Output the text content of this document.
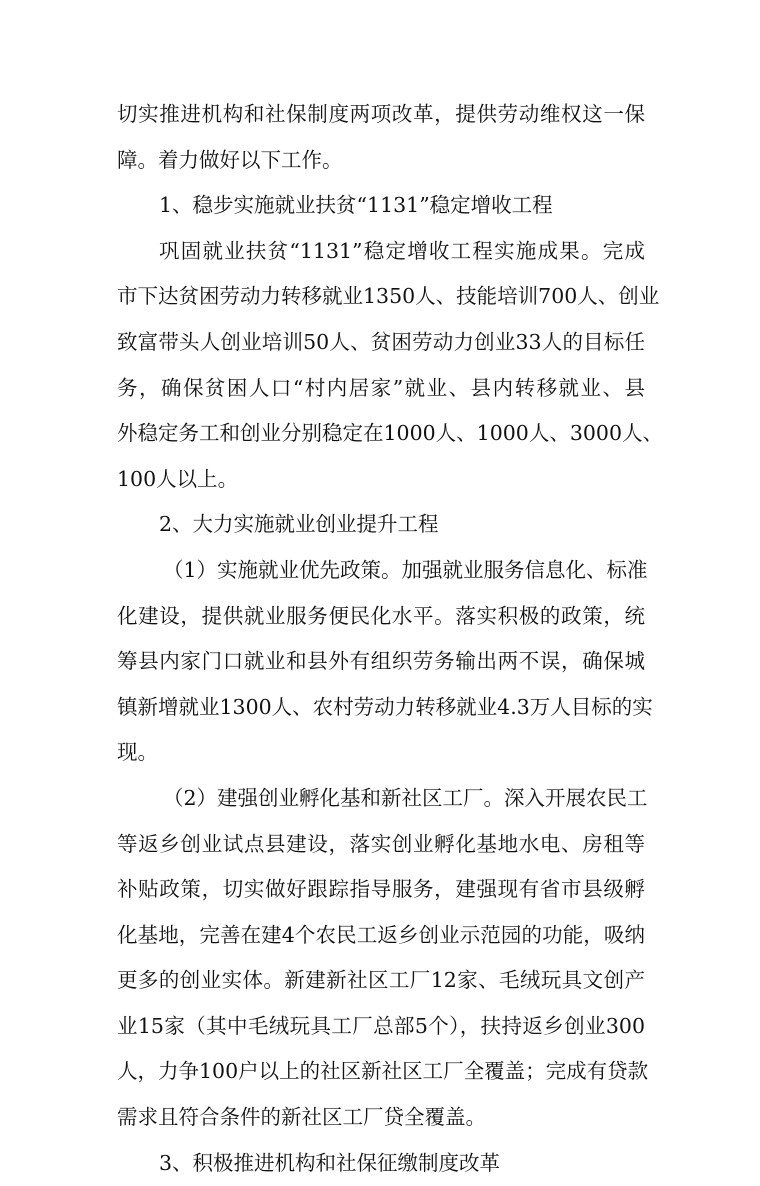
切实推进机构和社保制度两项改革，提供劳动维权这一保
障。着力做好以下工作。
1、稳步实施就业扶贫“1131”稳定增收工程
巩固就业扶贫“1131”稳定增收工程实施成果。完成
市下达贫困劳动力转移就业1350人、技能培训700人、创业
致富带头人创业培训50人、贫困劳动力创业33人的目标任
务，确保贫困人口“村内居家”就业、县内转移就业、县
外稳定务工和创业分别稳定在1000人、1000人、3000人、
100人以上。
2、大力实施就业创业提升工程
（1）实施就业优先政策。加强就业服务信息化、标准
化建设，提供就业服务便民化水平。落实积极的政策，统
筹县内家门口就业和县外有组织劳务输出两不误，确保城
镇新增就业1300人、农村劳动力转移就业4.3万人目标的实
现。
（2）建强创业孵化基和新社区工厂。深入开展农民工
等返乡创业试点县建设，落实创业孵化基地水电、房租等
补贴政策，切实做好跟踪指导服务，建强现有省市县级孵
化基地，完善在建4个农民工返乡创业示范园的功能，吸纳
更多的创业实体。新建新社区工厂12家、毛绒玩具文创产
业15家（其中毛绒玩具工厂总部5个），扶持返乡创业300
人，力争100户以上的社区新社区工厂全覆盖；完成有贷款
需求且符合条件的新社区工厂贷全覆盖。
3、积极推进机构和社保征缴制度改革
